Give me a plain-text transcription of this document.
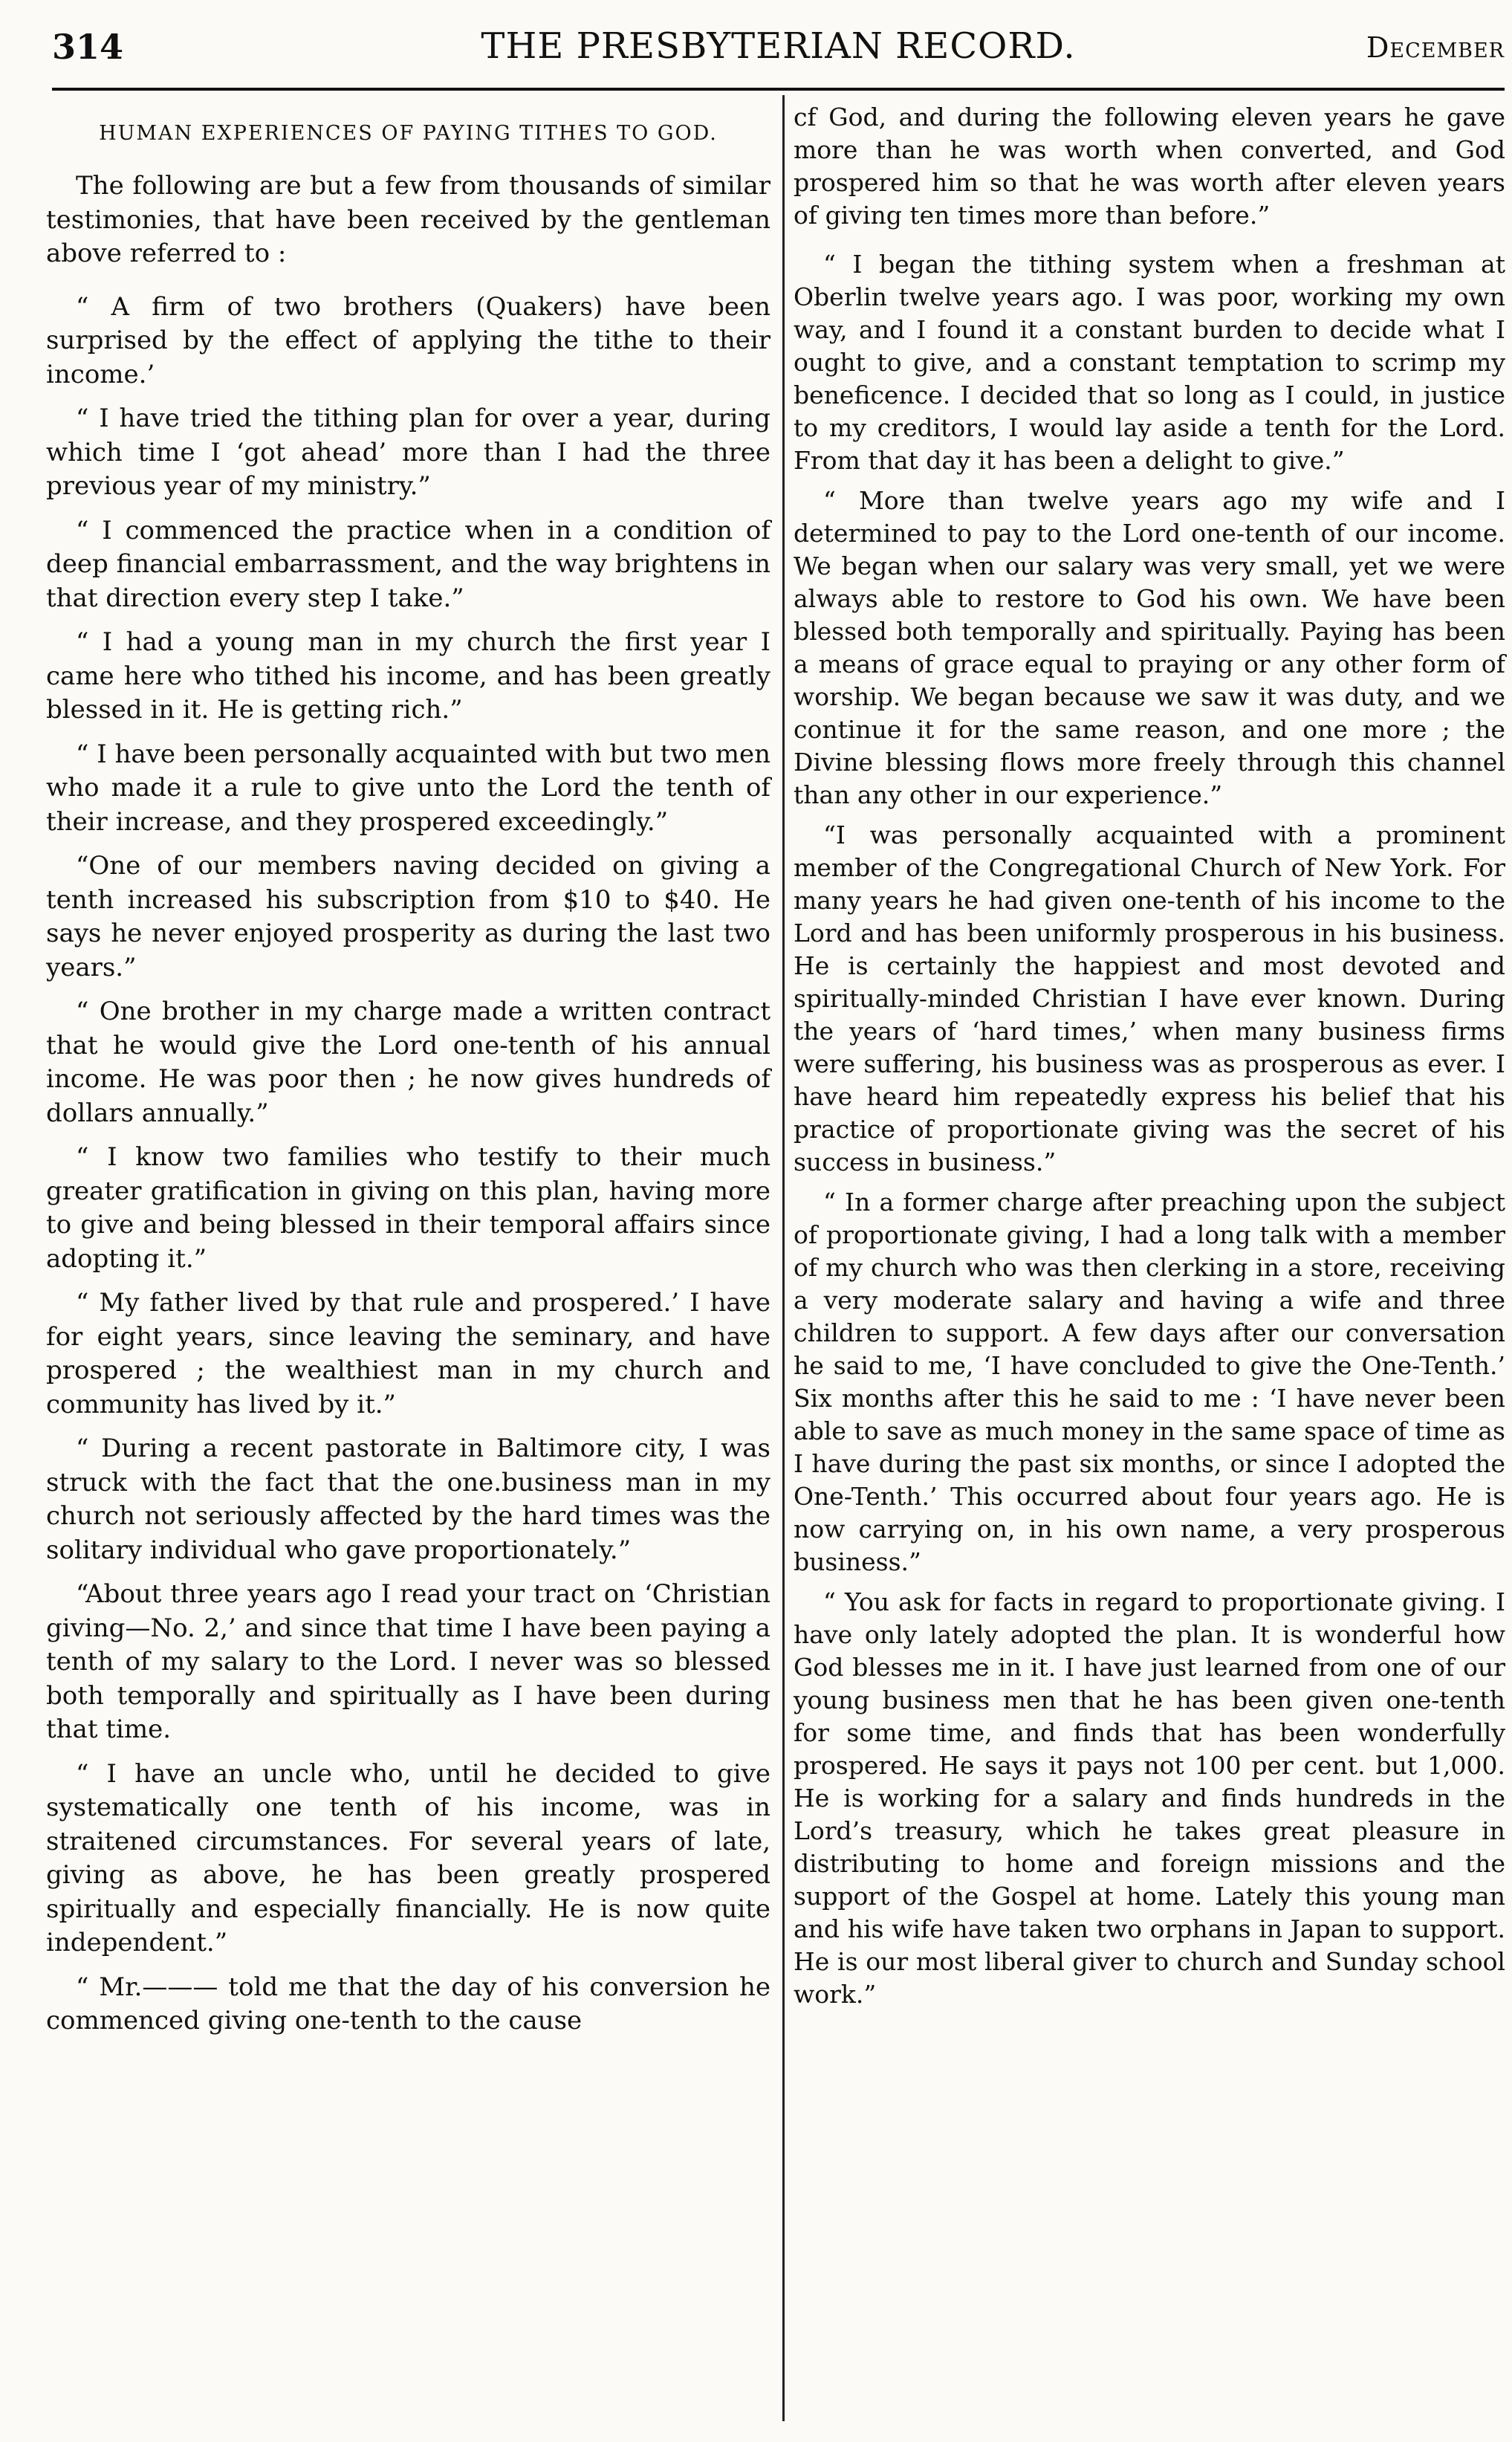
314	THE PRESBYTERIAN RECORD.	December
HUMAN EXPERIENCES OF PAYING TITHES TO GOD.

The following are but a few from thousands of similar testimonies, that have been received by the gentleman above referred to :

“ A firm of two brothers (Quakers) have been surprised by the effect of applying the tithe to their income.’

“ I have tried the tithing plan for over a year, during which time I ‘got ahead’ more than I had the three previous year of my ministry.”

“ I commenced the practice when in a condition of deep financial embarrassment, and the way brightens in that direction every step I take.”

“ I had a young man in my church the first year I came here who tithed his income, and has been greatly blessed in it. He is getting rich.”

“ I have been personally acquainted with but two men who made it a rule to give unto the Lord the tenth of their increase, and they prospered exceedingly.”

“One of our members naving decided on giving a tenth increased his subscription from $10 to $40. He says he never enjoyed prosperity as during the last two years.”

“ One brother in my charge made a written contract that he would give the Lord one-tenth of his annual income. He was poor then ; he now gives hundreds of dollars annually.”

“ I know two families who testify to their much greater gratification in giving on this plan, having more to give and being blessed in their temporal affairs since adopting it.”

“ My father lived by that rule and prospered.’ I have for eight years, since leaving the seminary, and have prospered ; the wealthiest man in my church and community has lived by it.”

“ During a recent pastorate in Baltimore city, I was struck with the fact that the one.business man in my church not seriously affected by the hard times was the solitary individual who gave proportionately.”

“About three years ago I read your tract on ‘Christian giving—No. 2,’ and since that time I have been paying a tenth of my salary to the Lord. I never was so blessed both temporally and spiritually as I have been during that time.

“ I have an uncle who, until he decided to give systematically one tenth of his income, was in straitened circumstances. For several years of late, giving as above, he has been greatly prospered spiritually and especially financially. He is now quite independent.”

“ Mr.——— told me that the day of his conversion he commenced giving one-tenth to the cause

cf God, and during the following eleven years he gave more than he was worth when converted, and God prospered him so that he was worth after eleven years of giving ten times more than before.”

“ I began the tithing system when a freshman at Oberlin twelve years ago. I was poor, working my own way, and I found it a constant burden to decide what I ought to give, and a constant temptation to scrimp my beneficence. I decided that so long as I could, in justice to my creditors, I would lay aside a tenth for the Lord. From that day it has been a delight to give.”

“ More than twelve years ago my wife and I determined to pay to the Lord one-tenth of our income. We began when our salary was very small, yet we were always able to restore to God his own. We have been blessed both temporally and spiritually. Paying has been a means of grace equal to praying or any other form of worship. We began because we saw it was duty, and we continue it for the same reason, and one more ; the Divine blessing flows more freely through this channel than any other in our experience.”

“I was personally acquainted with a prominent member of the Congregational Church of New York. For many years he had given one-tenth of his income to the Lord and has been uniformly prosperous in his business. He is certainly the happiest and most devoted and spiritually-minded Christian I have ever known. During the years of ‘hard times,’ when many business firms were suffering, his business was as prosperous as ever. I have heard him repeatedly express his belief that his practice of proportionate giving was the secret of his success in business.”

“ In a former charge after preaching upon the subject of proportionate giving, I had a long talk with a member of my church who was then clerking in a store, receiving a very moderate salary and having a wife and three children to support. A few days after our conversation he said to me, ‘I have concluded to give the One-Tenth.’ Six months after this he said to me : ‘I have never been able to save as much money in the same space of time as I have during the past six months, or since I adopted the One-Tenth.’ This occurred about four years ago. He is now carrying on, in his own name, a very prosperous business.”

“ You ask for facts in regard to proportionate giving. I have only lately adopted the plan. It is wonderful how God blesses me in it. I have just learned from one of our young business men that he has been given one-tenth for some time, and finds that has been wonderfully prospered. He says it pays not 100 per cent. but 1,000. He is working for a salary and finds hundreds in the Lord’s treasury, which he takes great pleasure in distributing to home and foreign missions and the support of the Gospel at home. Lately this young man and his wife have taken two orphans in Japan to support. He is our most liberal giver to church and Sunday school work.”
